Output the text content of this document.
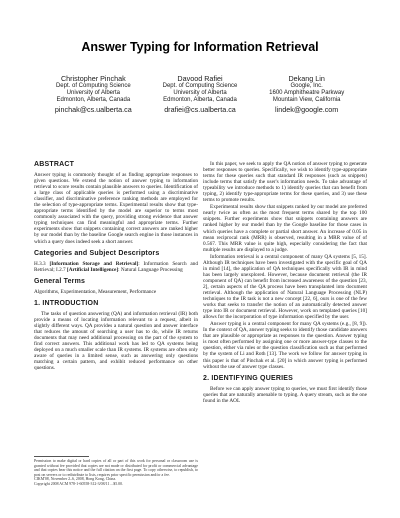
Answer Typing for Information Retrieval
Christopher Pinchak
Dept. of Computing Science
University of Alberta
Edmonton, Alberta, Canada
pinchak@cs.ualberta.ca
Davood Rafiei
Dept. of Computing Science
University of Alberta
Edmonton, Alberta, Canada
drafiei@cs.ualberta.ca
Dekang Lin
Google, Inc.
1600 Amphitheatre Parkway
Mountain View, California
lindek@google.com
ABSTRACT

Answer typing is commonly thought of as finding appropriate responses to given questions. We extend the notion of answer typing to information retrieval to score results contain plausible answers to queries. Identification of a large class of applicable queries is performed using a discriminative classifier, and discriminative preference ranking methods are employed for the selection of type-appropriate terms. Experimental results show that type-appropriate terms identified by the model are superior to terms most commonly associated with the query, providing strong evidence that answer typing techniques can find meaningful and appropriate terms. Further experiments show that snippets containing correct answers are ranked higher by our model than by the baseline Google search engine in those instances in which a query does indeed seek a short answer.

Categories and Subject Descriptors

H.3.3 [Information Storage and Retrieval]: Information Search and Retrieval; I.2.7 [Artificial Intelligence]: Natural Language Processing

General Terms

Algorithms, Experimentation, Measurement, Performance

1. INTRODUCTION

The tasks of question answering (QA) and information retrieval (IR) both provide a means of locating information relevant to a request, albeit in slightly different ways. QA provides a natural question and answer interface that reduces the amount of searching a user has to do, while IR returns documents that may need additional processing on the part of the system to find correct answers. This additional work has led to QA systems being deployed on a much smaller scale than IR systems. IR systems are often only aware of queries in a limited sense, such as answering only questions matching a certain pattern, and exhibit reduced performance on other questions.

Permission to make digital or hard copies of all or part of this work for personal or classroom use is granted without fee provided that copies are not made or distributed for profit or commercial advantage and that copies bear this notice and the full citation on the first page. To copy otherwise, to republish, to post on servers or to redistribute to lists, requires prior specific permission and/or a fee.
CIKM'08, November 2–6, 2008, Hong Kong, China.
Copyright 2008 ACM 978-1-60558-312-3/08/11 ...$5.00.

In this paper, we seek to apply the QA notion of answer typing to generate better responses to queries. Specifically, we wish to identify type-appropriate terms for these queries such that standard IR responses (such as snippets) include terms that satisfy the user's information needs. To take advantage of typeability we introduce methods to 1) identify queries that can benefit from typing, 2) identify type-appropriate terms for these queries, and 3) use these terms to promote results.

Experimental results show that snippets ranked by our model are preferred nearly twice as often as the most frequent terms shared by the top 100 snippets. Further experiments show that snippets containing answers are ranked higher by our model than by the Google baseline for those cases in which queries have a complete or partial short answer. An increase of 0.05 in mean reciprocal rank (MRR) is observed, resulting in a MRR value of of 0.567. This MRR value is quite high, especially considering the fact that multiple results are displayed to a judge.

Information retrieval is a central component of many QA systems [5, 15]. Although IR techniques have been investigated with the specific goal of QA in mind [14], the application of QA techniques specifically with IR in mind has been largely unexplored. However, because document retrieval (the IR component of QA) can benefit from increased awareness of the question [23, 2], certain aspects of the QA process have been transplanted into document retrieval. Although the application of Natural Language Processing (NLP) techniques to the IR task is not a new concept [22, 6], ours is one of the few works that seeks to transfer the notion of an automatically detected answer type into IR or document retrieval. However, work on templated queries [10] allows for the incorporation of type information specified by the user.

Answer typing is a central component for many QA systems (e.g., [8, 9]). In the context of QA, answer typing seeks to identify those candidate answers that are plausible or appropriate as responses to the question. Answer typing is most often performed by assigning one or more answer-type classes to the question, either via rules or the question classification such as that performed by the system of Li and Roth [13]. The work we follow for answer typing in this paper is that of Pinchak et al. [20] in which answer typing is performed without the use of answer type classes.

2. IDENTIFYING QUERIES

Before we can apply answer typing to queries, we must first identify those queries that are naturally amenable to typing. A query stream, such as the one found in the AOL
